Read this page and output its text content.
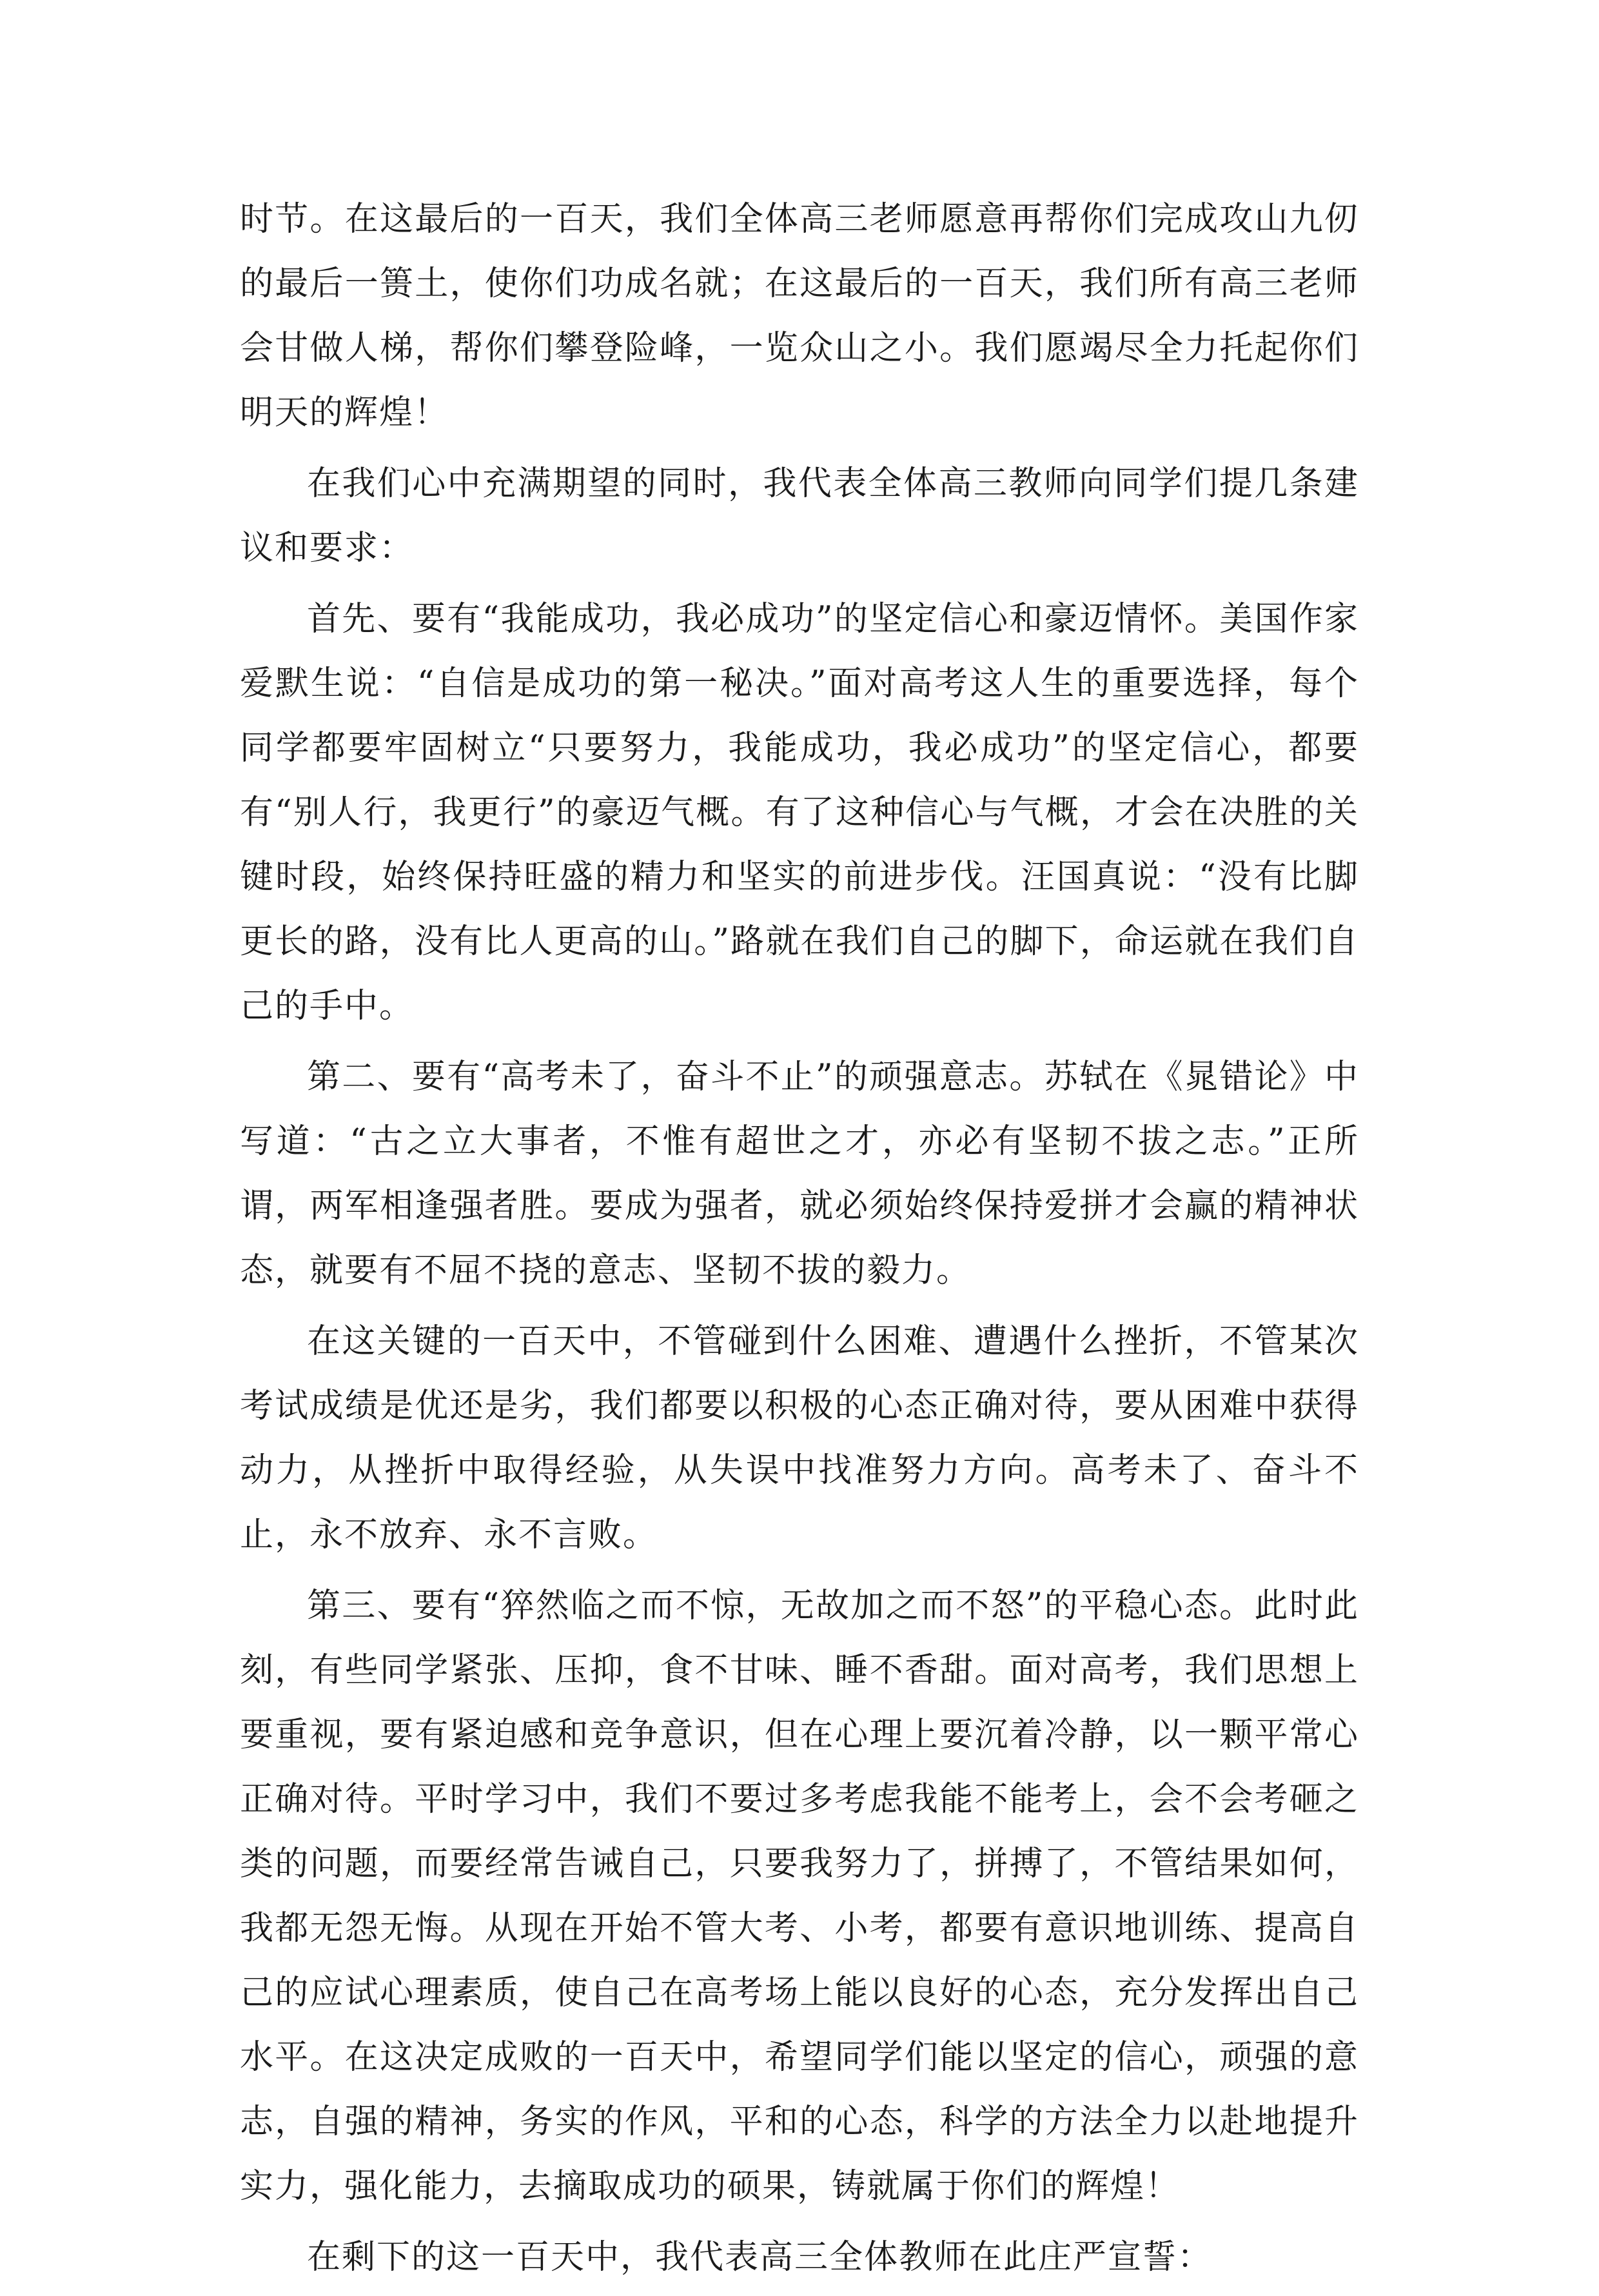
时节。在这最后的一百天，我们全体高三老师愿意再帮你们完成攻山九仞的最后一篑土，使你们功成名就；在这最后的一百天，我们所有高三老师会甘做人梯，帮你们攀登险峰，一览众山之小。我们愿竭尽全力托起你们明天的辉煌！

在我们心中充满期望的同时，我代表全体高三教师向同学们提几条建议和要求：

首先、要有“我能成功，我必成功”的坚定信心和豪迈情怀。美国作家爱默生说：“自信是成功的第一秘决。”面对高考这人生的重要选择，每个同学都要牢固树立“只要努力，我能成功，我必成功”的坚定信心，都要有“别人行，我更行”的豪迈气概。有了这种信心与气概，才会在决胜的关键时段，始终保持旺盛的精力和坚实的前进步伐。汪国真说：“没有比脚更长的路，没有比人更高的山。”路就在我们自己的脚下，命运就在我们自己的手中。

第二、要有“高考未了，奋斗不止”的顽强意志。苏轼在《晁错论》中写道：“古之立大事者，不惟有超世之才，亦必有坚韧不拔之志。”正所谓，两军相逢强者胜。要成为强者，就必须始终保持爱拼才会赢的精神状态，就要有不屈不挠的意志、坚韧不拔的毅力。

在这关键的一百天中，不管碰到什么困难、遭遇什么挫折，不管某次考试成绩是优还是劣，我们都要以积极的心态正确对待，要从困难中获得动力，从挫折中取得经验，从失误中找准努力方向。高考未了、奋斗不止，永不放弃、永不言败。

第三、要有“猝然临之而不惊，无故加之而不怒”的平稳心态。此时此刻，有些同学紧张、压抑，食不甘味、睡不香甜。面对高考，我们思想上要重视，要有紧迫感和竞争意识，但在心理上要沉着冷静，以一颗平常心正确对待。平时学习中，我们不要过多考虑我能不能考上，会不会考砸之类的问题，而要经常告诫自己，只要我努力了，拼搏了，不管结果如何，我都无怨无悔。从现在开始不管大考、小考，都要有意识地训练、提高自己的应试心理素质，使自己在高考场上能以良好的心态，充分发挥出自己水平。在这决定成败的一百天中，希望同学们能以坚定的信心，顽强的意志，自强的精神，务实的作风，平和的心态，科学的方法全力以赴地提升实力，强化能力，去摘取成功的硕果，铸就属于你们的辉煌！

在剩下的这一百天中，我代表高三全体教师在此庄严宣誓：
